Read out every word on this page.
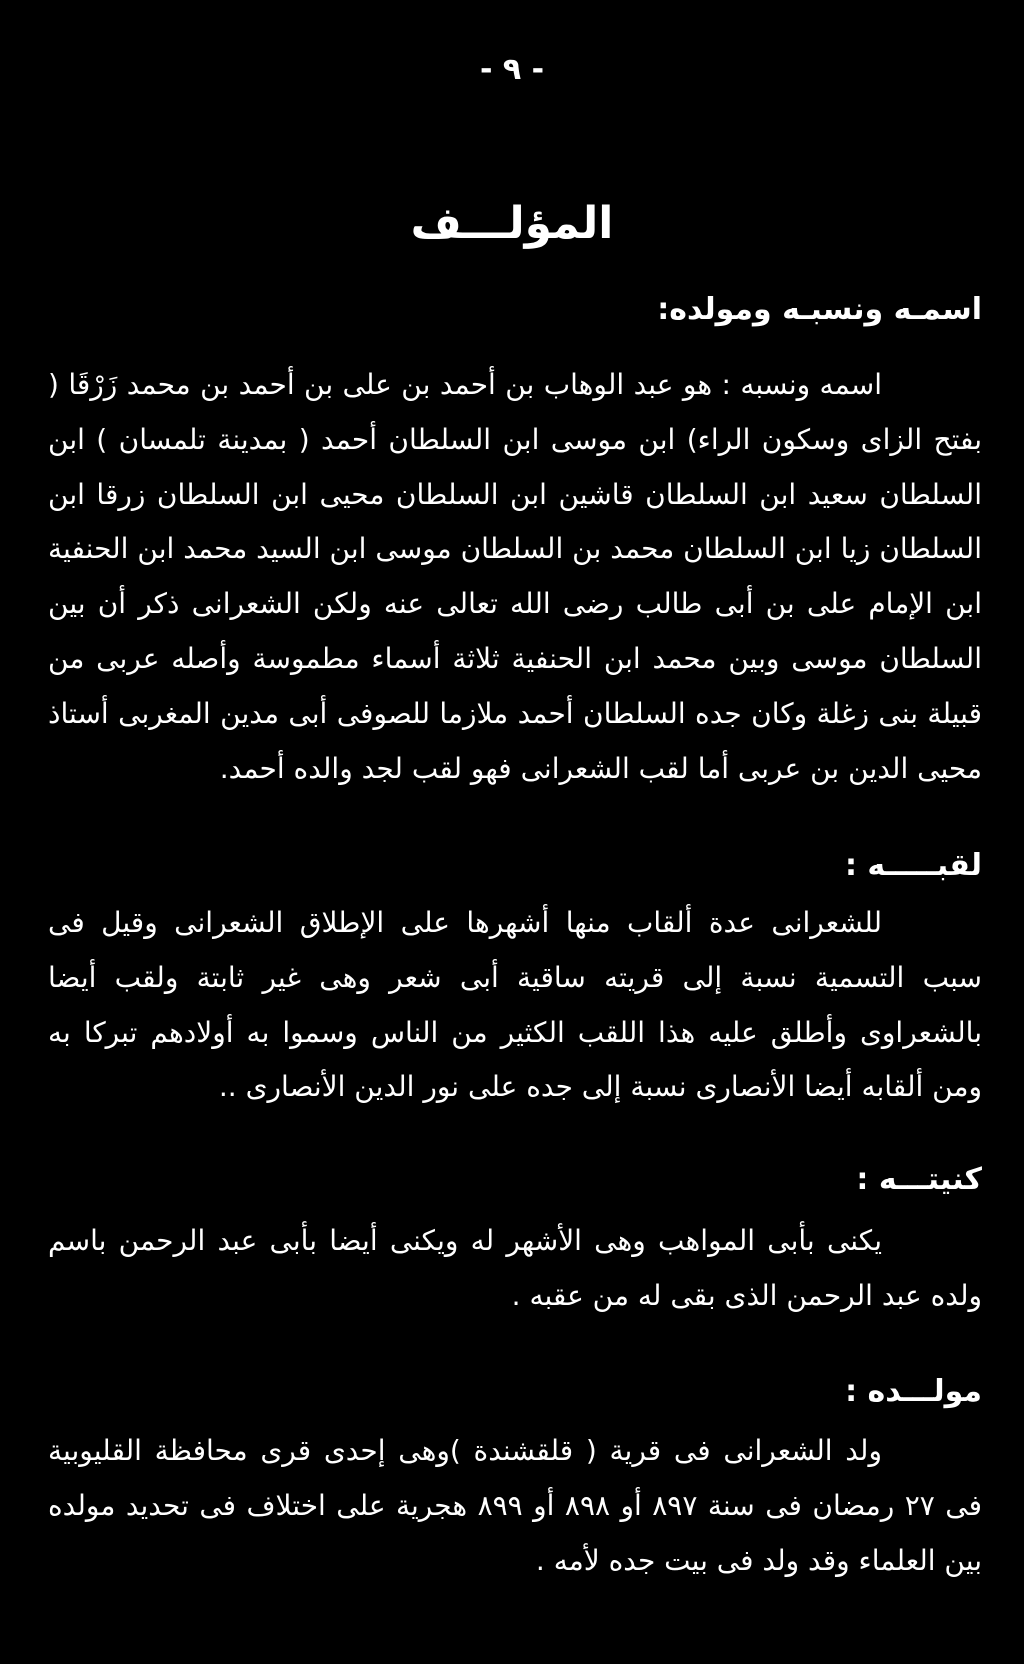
- ٩ -
المؤلـــف
اسمـه ونسبـه ومولده:

اسمه ونسبه : هو عبد الوهاب بن أحمد بن على بن أحمد بن محمد زَرْقَا ( بفتح الزاى وسكون الراء) ابن موسى ابن السلطان أحمد ( بمدينة تلمسان ) ابن السلطان سعيد ابن السلطان قاشين ابن السلطان محيى ابن السلطان زرقا ابن السلطان زيا ابن السلطان محمد بن السلطان موسى ابن السيد محمد ابن الحنفية ابن الإمام على بن أبى طالب رضى الله تعالى عنه ولكن الشعرانى ذكر أن بين السلطان موسى وبين محمد ابن الحنفية ثلاثة أسماء مطموسة وأصله عربى من قبيلة بنى زغلة وكان جده السلطان أحمد ملازما للصوفى أبى مدين المغربى أستاذ محيى الدين بن عربى أما لقب الشعرانى فهو لقب لجد والده أحمد.

لقبـــــه :

للشعرانى عدة ألقاب منها أشهرها على الإطلاق الشعرانى وقيل فى سبب التسمية نسبة إلى قريته ساقية أبى شعر وهى غير ثابتة ولقب أيضا بالشعراوى وأطلق عليه هذا اللقب الكثير من الناس وسموا به أولادهم تبركا به ومن ألقابه أيضا الأنصارى نسبة إلى جده على نور الدين الأنصارى ..

كنيتـــه :

يكنى بأبى المواهب وهى الأشهر له ويكنى أيضا بأبى عبد الرحمن باسم ولده عبد الرحمن الذى بقى له من عقبه .

مولـــده :

ولد الشعرانى فى قرية ( قلقشندة )وهى إحدى قرى محافظة القليوبية فى ٢٧ رمضان فى سنة ٨٩٧ أو ٨٩٨ أو ٨٩٩ هجرية على اختلاف فى تحديد مولده بين العلماء وقد ولد فى بيت جده لأمه .
